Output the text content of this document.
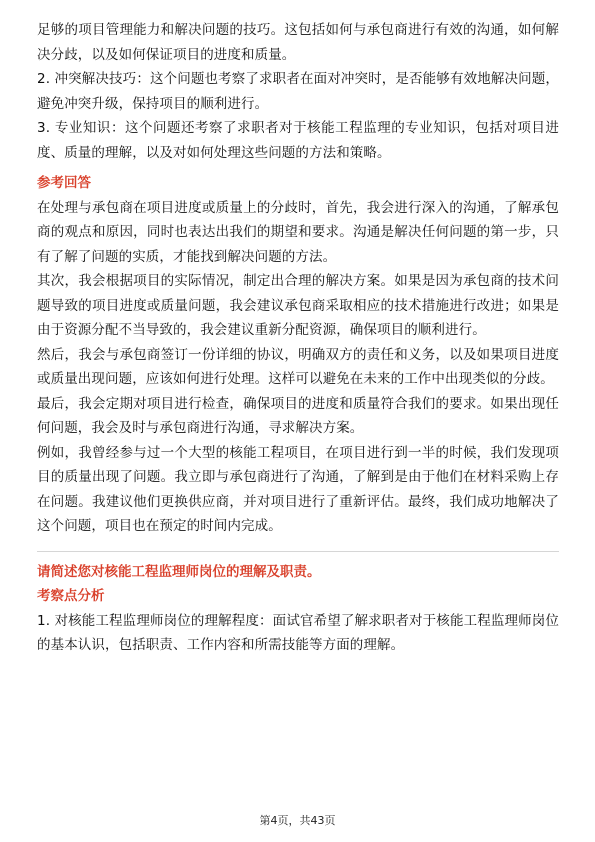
足够的项目管理能力和解决问题的技巧。这包括如何与承包商进行有效的沟通，如何解决分歧，以及如何保证项目的进度和质量。

2. 冲突解决技巧：这个问题也考察了求职者在面对冲突时，是否能够有效地解决问题，避免冲突升级，保持项目的顺利进行。

3. 专业知识：这个问题还考察了求职者对于核能工程监理的专业知识，包括对项目进度、质量的理解，以及对如何处理这些问题的方法和策略。

参考回答

在处理与承包商在项目进度或质量上的分歧时，首先，我会进行深入的沟通，了解承包商的观点和原因，同时也表达出我们的期望和要求。沟通是解决任何问题的第一步，只有了解了问题的实质，才能找到解决问题的方法。

其次，我会根据项目的实际情况，制定出合理的解决方案。如果是因为承包商的技术问题导致的项目进度或质量问题，我会建议承包商采取相应的技术措施进行改进；如果是由于资源分配不当导致的，我会建议重新分配资源，确保项目的顺利进行。

然后，我会与承包商签订一份详细的协议，明确双方的责任和义务，以及如果项目进度或质量出现问题，应该如何进行处理。这样可以避免在未来的工作中出现类似的分歧。

最后，我会定期对项目进行检查，确保项目的进度和质量符合我们的要求。如果出现任何问题，我会及时与承包商进行沟通，寻求解决方案。

例如，我曾经参与过一个大型的核能工程项目，在项目进行到一半的时候，我们发现项目的质量出现了问题。我立即与承包商进行了沟通，了解到是由于他们在材料采购上存在问题。我建议他们更换供应商，并对项目进行了重新评估。最终，我们成功地解决了这个问题，项目也在预定的时间内完成。

请简述您对核能工程监理师岗位的理解及职责。

考察点分析

1. 对核能工程监理师岗位的理解程度：面试官希望了解求职者对于核能工程监理师岗位的基本认识，包括职责、工作内容和所需技能等方面的理解。

第4页，共43页
